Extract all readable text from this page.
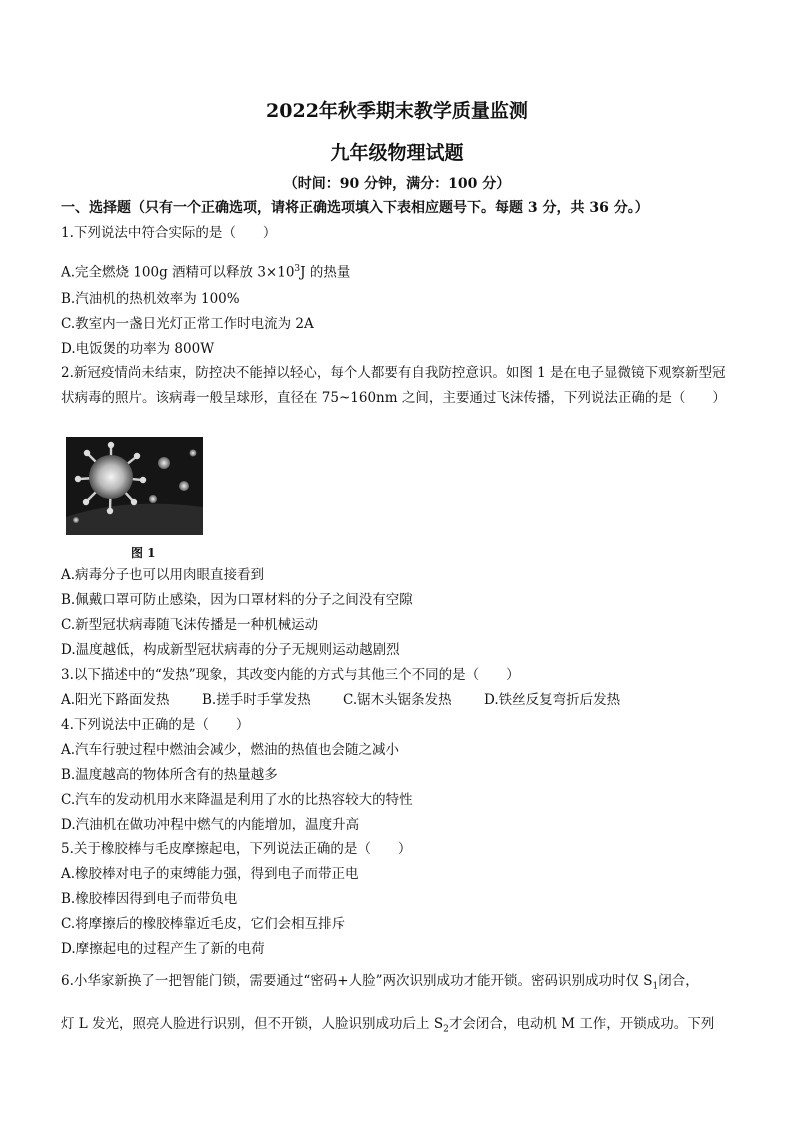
2022年秋季期末教学质量监测
九年级物理试题
（时间：90 分钟，满分：100 分）
一、选择题（只有一个正确选项，请将正确选项填入下表相应题号下。每题 3 分，共 36 分。）
1.下列说法中符合实际的是（　　）
A.完全燃烧 100g 酒精可以释放 $3\times 10^3J$ 的热量
B.汽油机的热机效率为 100%
C.教室内一盏日光灯正常工作时电流为 2A
D.电饭煲的功率为 800W
2.新冠疫情尚未结束，防控决不能掉以轻心，每个人都要有自我防控意识。如图 1 是在电子显微镜下观察新型冠状病毒的照片。该病毒一般呈球形，直径在 75~160nm 之间，主要通过飞沫传播，下列说法正确的是（　　）
图 1
A.病毒分子也可以用肉眼直接看到
B.佩戴口罩可防止感染，因为口罩材料的分子之间没有空隙
C.新型冠状病毒随飞沫传播是一种机械运动
D.温度越低，构成新型冠状病毒的分子无规则运动越剧烈
3.以下描述中的“发热”现象，其改变内能的方式与其他三个不同的是（　　）
A.阳光下路面发热 B.搓手时手掌发热 C.锯木头锯条发热 D.铁丝反复弯折后发热
4.下列说法中正确的是（　　）
A.汽车行驶过程中燃油会减少，燃油的热值也会随之减小
B.温度越高的物体所含有的热量越多
C.汽车的发动机用水来降温是利用了水的比热容较大的特性
D.汽油机在做功冲程中燃气的内能增加，温度升高
5.关于橡胶棒与毛皮摩擦起电，下列说法正确的是（　　）
A.橡胶棒对电子的束缚能力强，得到电子而带正电
B.橡胶棒因得到电子而带负电
C.将摩擦后的橡胶棒靠近毛皮，它们会相互排斥
D.摩擦起电的过程产生了新的电荷
6.小华家新换了一把智能门锁，需要通过“密码+人脸”两次识别成功才能开锁。密码识别成功时仅 $S_1$闭合，
灯 L 发光，照亮人脸进行识别，但不开锁，人脸识别成功后上 $S_2$才会闭合，电动机 M 工作，开锁成功。下列
